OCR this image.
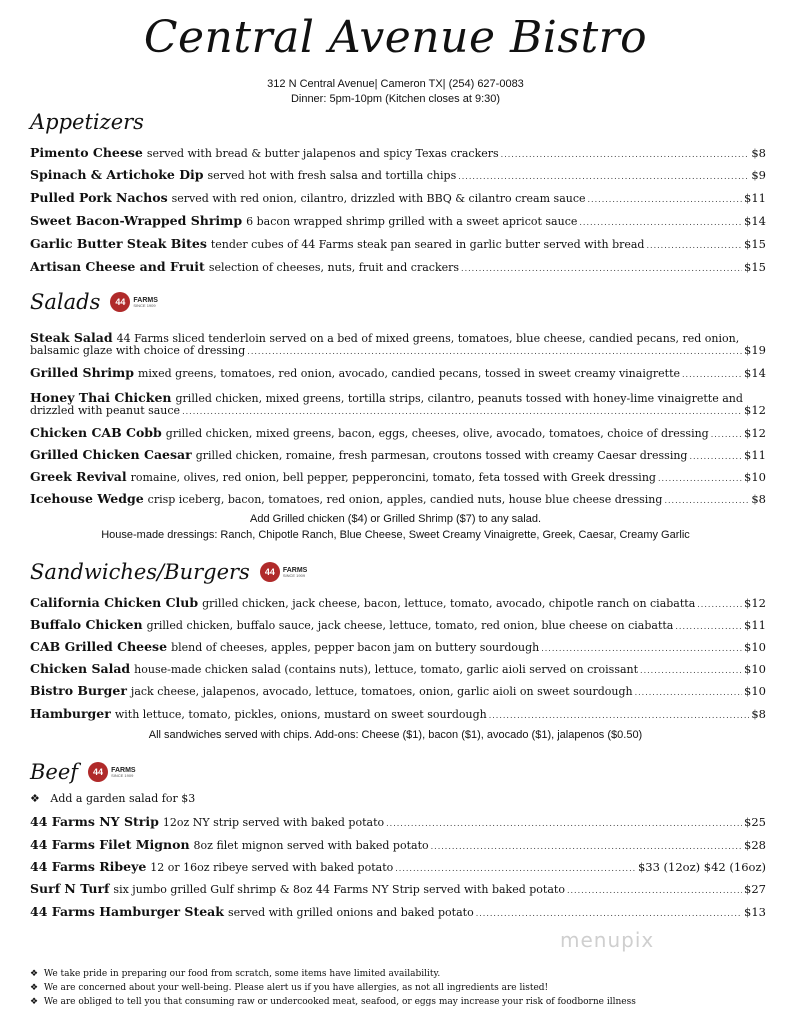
Central Avenue Bistro
312 N Central Avenue| Cameron TX| (254) 627-0083
Dinner: 5pm-10pm (Kitchen closes at 9:30)
Appetizers
Pimento Cheese served with bread & butter jalapenos and spicy Texas crackers .....	$8
Spinach & Artichoke Dip served hot with fresh salsa and tortilla chips .....	$9
Pulled Pork Nachos served with red onion, cilantro, drizzled with BBQ & cilantro cream sauce .....	$11
Sweet Bacon-Wrapped Shrimp 6 bacon wrapped shrimp grilled with a sweet apricot sauce .....	$14
Garlic Butter Steak Bites tender cubes of 44 Farms steak pan seared in garlic butter served with bread .....	$15
Artisan Cheese and Fruit selection of cheeses, nuts, fruit and crackers .....	$15
Salads	44	FARMS
SINCE 1909
Steak Salad 44 Farms sliced tenderloin served on a bed of mixed greens, tomatoes, blue cheese, candied pecans, red onion,
balsamic glaze with choice of dressing .....	$19
Grilled Shrimp mixed greens, tomatoes, red onion, avocado, candied pecans, tossed in sweet creamy vinaigrette .....	$14
Honey Thai Chicken grilled chicken, mixed greens, tortilla strips, cilantro, peanuts tossed with honey-lime vinaigrette and
drizzled with peanut sauce .....	$12
Chicken CAB Cobb grilled chicken, mixed greens, bacon, eggs, cheeses, olive, avocado, tomatoes, choice of dressing .....	$12
Grilled Chicken Caesar grilled chicken, romaine, fresh parmesan, croutons tossed with creamy Caesar dressing .....	$11
Greek Revival romaine, olives, red onion, bell pepper, pepperoncini, tomato, feta tossed with Greek dressing .....	$10
Icehouse Wedge crisp iceberg, bacon, tomatoes, red onion, apples, candied nuts, house blue cheese dressing .....	$8
Add Grilled chicken ($4) or Grilled Shrimp ($7) to any salad.
House-made dressings: Ranch, Chipotle Ranch, Blue Cheese, Sweet Creamy Vinaigrette, Greek, Caesar, Creamy Garlic
Sandwiches/Burgers	44	FARMS
SINCE 1909
California Chicken Club grilled chicken, jack cheese, bacon, lettuce, tomato, avocado, chipotle ranch on ciabatta .....	$12
Buffalo Chicken grilled chicken, buffalo sauce, jack cheese, lettuce, tomato, red onion, blue cheese on ciabatta .....	$11
CAB Grilled Cheese blend of cheeses, apples, pepper bacon jam on buttery sourdough .....	$10
Chicken Salad house-made chicken salad (contains nuts), lettuce, tomato, garlic aioli served on croissant .....	$10
Bistro Burger jack cheese, jalapenos, avocado, lettuce, tomatoes, onion, garlic aioli on sweet sourdough .....	$10
Hamburger with lettuce, tomato, pickles, onions, mustard on sweet sourdough .....	$8
All sandwiches served with chips. Add-ons: Cheese ($1), bacon ($1), avocado ($1), jalapenos ($0.50)
Beef	44	FARMS
SINCE 1909
❖ Add a garden salad for $3
44 Farms NY Strip 12oz NY strip served with baked potato .....	$25
44 Farms Filet Mignon 8oz filet mignon served with baked potato .....	$28
44 Farms Ribeye 12 or 16oz ribeye served with baked potato .....	$33 (12oz) $42 (16oz)
Surf N Turf six jumbo grilled Gulf shrimp & 8oz 44 Farms NY Strip served with baked potato .....	$27
44 Farms Hamburger Steak served with grilled onions and baked potato .....	$13
menupix
❖ We take pride in preparing our food from scratch, some items have limited availability.
❖ We are concerned about your well-being. Please alert us if you have allergies, as not all ingredients are listed!
❖ We are obliged to tell you that consuming raw or undercooked meat, seafood, or eggs may increase your risk of foodborne illness
